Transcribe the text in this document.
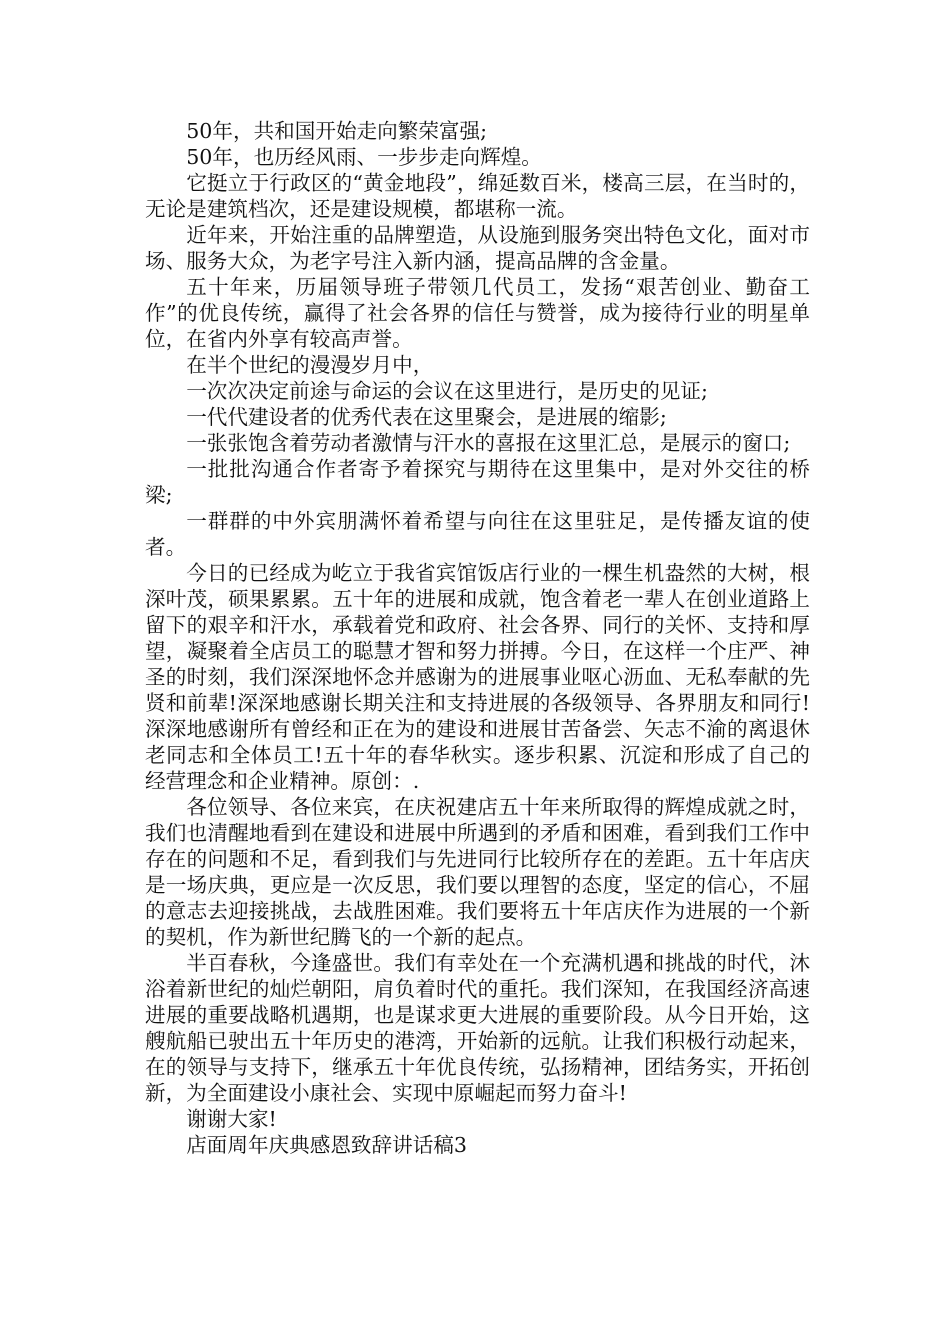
50年，共和国开始走向繁荣富强;

50年，也历经风雨、一步步走向辉煌。

它挺立于行政区的“黄金地段”，绵延数百米，楼高三层，在当时的，无论是建筑档次，还是建设规模，都堪称一流。

近年来，开始注重的品牌塑造，从设施到服务突出特色文化，面对市场、服务大众，为老字号注入新内涵，提高品牌的含金量。

五十年来，历届领导班子带领几代员工，发扬“艰苦创业、勤奋工作”的优良传统，赢得了社会各界的信任与赞誉，成为接待行业的明星单位，在省内外享有较高声誉。

在半个世纪的漫漫岁月中，

一次次决定前途与命运的会议在这里进行，是历史的见证;

一代代建设者的优秀代表在这里聚会，是进展的缩影;

一张张饱含着劳动者激情与汗水的喜报在这里汇总，是展示的窗口;

一批批沟通合作者寄予着探究与期待在这里集中，是对外交往的桥梁;

一群群的中外宾朋满怀着希望与向往在这里驻足，是传播友谊的使者。

今日的已经成为屹立于我省宾馆饭店行业的一棵生机盎然的大树，根深叶茂，硕果累累。五十年的进展和成就，饱含着老一辈人在创业道路上留下的艰辛和汗水，承载着党和政府、社会各界、同行的关怀、支持和厚望，凝聚着全店员工的聪慧才智和努力拼搏。今日，在这样一个庄严、神圣的时刻，我们深深地怀念并感谢为的进展事业呕心沥血、无私奉献的先贤和前辈!深深地感谢长期关注和支持进展的各级领导、各界朋友和同行!深深地感谢所有曾经和正在为的建设和进展甘苦备尝、矢志不渝的离退休老同志和全体员工!五十年的春华秋实。逐步积累、沉淀和形成了自己的经营理念和企业精神。原创：.

各位领导、各位来宾，在庆祝建店五十年来所取得的辉煌成就之时，我们也清醒地看到在建设和进展中所遇到的矛盾和困难，看到我们工作中存在的问题和不足，看到我们与先进同行比较所存在的差距。五十年店庆是一场庆典，更应是一次反思，我们要以理智的态度，坚定的信心，不屈的意志去迎接挑战，去战胜困难。我们要将五十年店庆作为进展的一个新的契机，作为新世纪腾飞的一个新的起点。

半百春秋，今逢盛世。我们有幸处在一个充满机遇和挑战的时代，沐浴着新世纪的灿烂朝阳，肩负着时代的重托。我们深知，在我国经济高速进展的重要战略机遇期，也是谋求更大进展的重要阶段。从今日开始，这艘航船已驶出五十年历史的港湾，开始新的远航。让我们积极行动起来，在的领导与支持下，继承五十年优良传统，弘扬精神，团结务实，开拓创新，为全面建设小康社会、实现中原崛起而努力奋斗!

谢谢大家!

店面周年庆典感恩致辞讲话稿3
